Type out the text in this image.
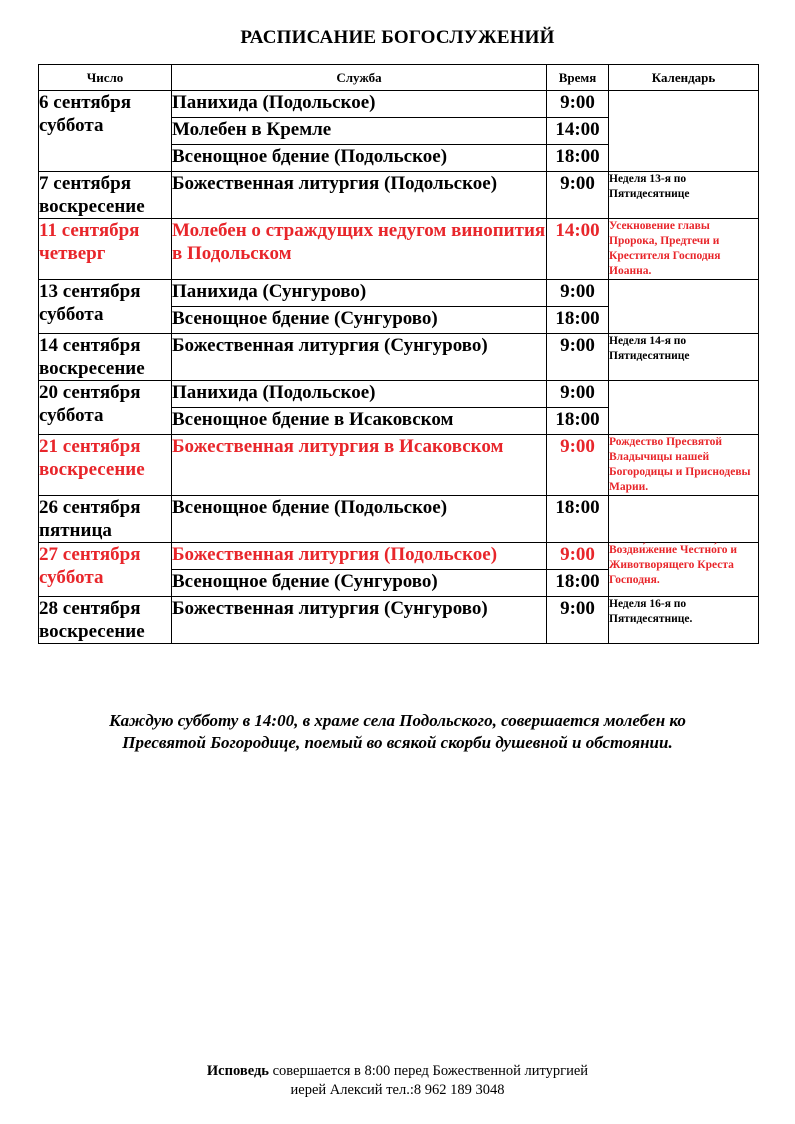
РАСПИСАНИЕ БОГОСЛУЖЕНИЙ
Число	Служба	Время	Календарь

6 сентября
суббота	Панихида (Подольское)	9:00	
	Молебен в Кремле	14:00	
	Всенощное бдение (Подольское)	18:00	

7 сентября
воскресение	Божественная литургия (Подольское)	9:00	Неделя 13-я по Пятидесятнице

11 сентября
четверг	Молебен о страждущих недугом винопития в Подольском	14:00	Усекновение главы Пророка, Предтечи и Крестителя Господня Иоанна.

13 сентября
суббота	Панихида (Сунгурово)	9:00	
	Всенощное бдение (Сунгурово)	18:00	

14 сентября
воскресение	Божественная литургия (Сунгурово)	9:00	Неделя 14-я по Пятидесятнице

20 сентября
суббота	Панихида (Подольское)	9:00	
	Всенощное бдение в Исаковском	18:00	

21 сентября
воскресение	Божественная литургия в Исаковском	9:00	Рождество Пресвятой Владычицы нашей Богородицы и Приснодевы Марии.

26 сентября
пятница	Всенощное бдение (Подольское)	18:00	

27 сентября
суббота	Божественная литургия (Подольское)	9:00	Воздви́жение Честно́го и Животворящего Креста Господня.
	Всенощное бдение (Сунгурово)	18:00	

28 сентября
воскресение	Божественная литургия (Сунгурово)	9:00	Неделя 16-я по Пятидесятнице.
Каждую субботу в 14:00, в храме села Подольского, совершается молебен ко
Пресвятой Богородице, поемый во всякой скорби душевной и обстоянии.
Исповедь совершается в 8:00 перед Божественной литургией
иерей Алексий тел.:8 962 189 3048
